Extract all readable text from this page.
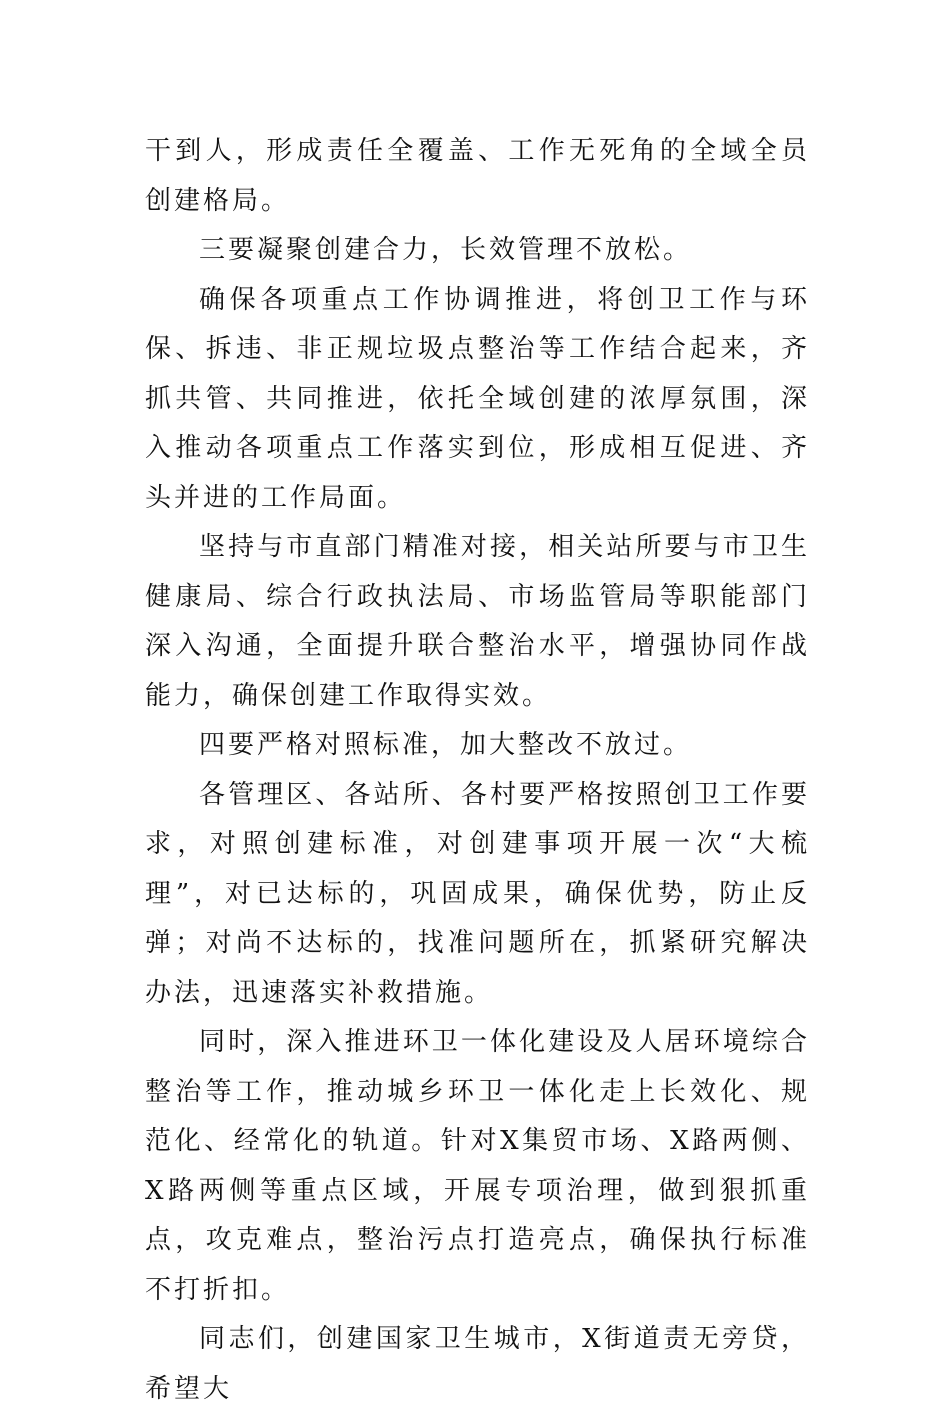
干到人，形成责任全覆盖、工作无死角的全域全员创建格局。

三要凝聚创建合力，长效管理不放松。

确保各项重点工作协调推进，将创卫工作与环保、拆违、非正规垃圾点整治等工作结合起来，齐抓共管、共同推进，依托全域创建的浓厚氛围，深入推动各项重点工作落实到位，形成相互促进、齐头并进的工作局面。

坚持与市直部门精准对接，相关站所要与市卫生健康局、综合行政执法局、市场监管局等职能部门深入沟通，全面提升联合整治水平，增强协同作战能力，确保创建工作取得实效。

四要严格对照标准，加大整改不放过。

各管理区、各站所、各村要严格按照创卫工作要求，对照创建标准，对创建事项开展一次“大梳理”，对已达标的，巩固成果，确保优势，防止反弹；对尚不达标的，找准问题所在，抓紧研究解决办法，迅速落实补救措施。

同时，深入推进环卫一体化建设及人居环境综合整治等工作，推动城乡环卫一体化走上长效化、规范化、经常化的轨道。针对X集贸市场、X路两侧、X路两侧等重点区域，开展专项治理，做到狠抓重点，攻克难点，整治污点打造亮点，确保执行标准不打折扣。

同志们，创建国家卫生城市，X街道责无旁贷，希望大
